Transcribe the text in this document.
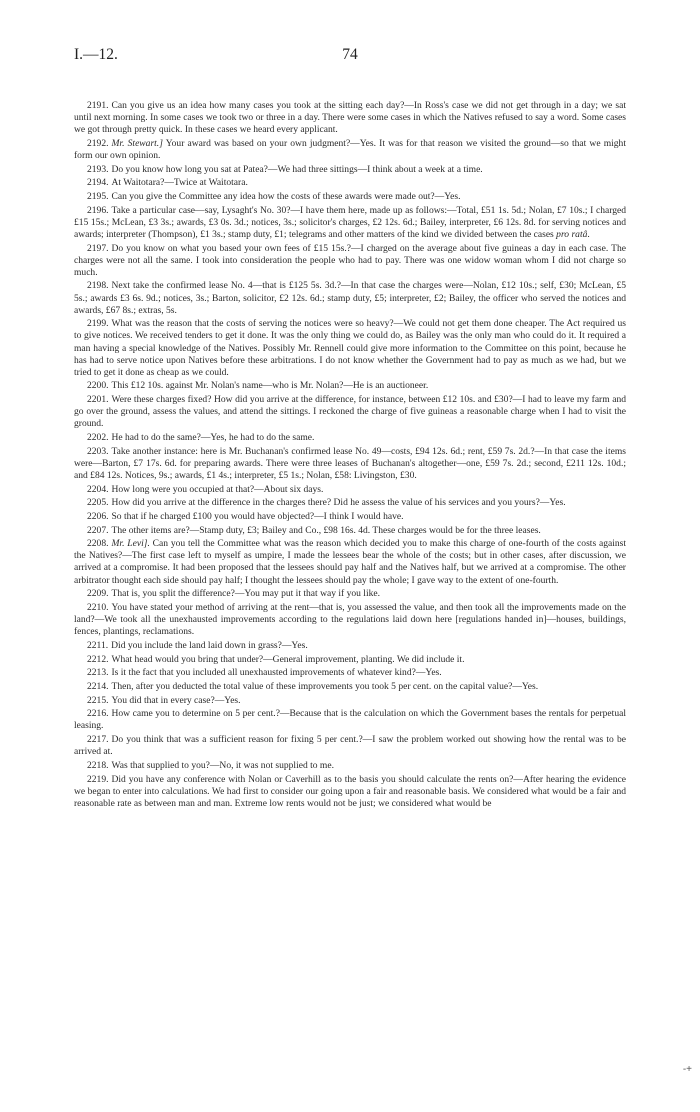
I.—12.	74

2191. Can you give us an idea how many cases you took at the sitting each day?—In Ross's case we did not get through in a day; we sat until next morning. In some cases we took two or three in a day. There were some cases in which the Natives refused to say a word. Some cases we got through pretty quick. In these cases we heard every applicant.

2192. Mr. Stewart.] Your award was based on your own judgment?—Yes. It was for that reason we visited the ground—so that we might form our own opinion.

2193. Do you know how long you sat at Patea?—We had three sittings—I think about a week at a time.

2194. At Waitotara?—Twice at Waitotara.

2195. Can you give the Committee any idea how the costs of these awards were made out?—Yes.

2196. Take a particular case—say, Lysaght's No. 30?—I have them here, made up as follows:—Total, £51 1s. 5d.; Nolan, £7 10s.; I charged £15 15s.; McLean, £3 3s.; awards, £3 0s. 3d.; notices, 3s.; solicitor's charges, £2 12s. 6d.; Bailey, interpreter, £6 12s. 8d. for serving notices and awards; interpreter (Thompson), £1 3s.; stamp duty, £1; telegrams and other matters of the kind we divided between the cases pro ratâ.

2197. Do you know on what you based your own fees of £15 15s.?—I charged on the average about five guineas a day in each case. The charges were not all the same. I took into consideration the people who had to pay. There was one widow woman whom I did not charge so much.

2198. Next take the confirmed lease No. 4—that is £125 5s. 3d.?—In that case the charges were—Nolan, £12 10s.; self, £30; McLean, £5 5s.; awards £3 6s. 9d.; notices, 3s.; Barton, solicitor, £2 12s. 6d.; stamp duty, £5; interpreter, £2; Bailey, the officer who served the notices and awards, £67 8s.; extras, 5s.

2199. What was the reason that the costs of serving the notices were so heavy?—We could not get them done cheaper. The Act required us to give notices. We received tenders to get it done. It was the only thing we could do, as Bailey was the only man who could do it. It required a man having a special knowledge of the Natives. Possibly Mr. Rennell could give more information to the Committee on this point, because he has had to serve notice upon Natives before these arbitrations. I do not know whether the Government had to pay as much as we had, but we tried to get it done as cheap as we could.

2200. This £12 10s. against Mr. Nolan's name—who is Mr. Nolan?—He is an auctioneer.

2201. Were these charges fixed? How did you arrive at the difference, for instance, between £12 10s. and £30?—I had to leave my farm and go over the ground, assess the values, and attend the sittings. I reckoned the charge of five guineas a reasonable charge when I had to visit the ground.

2202. He had to do the same?—Yes, he had to do the same.

2203. Take another instance: here is Mr. Buchanan's confirmed lease No. 49—costs, £94 12s. 6d.; rent, £59 7s. 2d.?—In that case the items were—Barton, £7 17s. 6d. for preparing awards. There were three leases of Buchanan's altogether—one, £59 7s. 2d.; second, £211 12s. 10d.; and £84 12s. Notices, 9s.; awards, £1 4s.; interpreter, £5 1s.; Nolan, £58: Livingston, £30.

2204. How long were you occupied at that?—About six days.

2205. How did you arrive at the difference in the charges there? Did he assess the value of his services and you yours?—Yes.

2206. So that if he charged £100 you would have objected?—I think I would have.

2207. The other items are?—Stamp duty, £3; Bailey and Co., £98 16s. 4d. These charges would be for the three leases.

2208. Mr. Levi]. Can you tell the Committee what was the reason which decided you to make this charge of one-fourth of the costs against the Natives?—The first case left to myself as umpire, I made the lessees bear the whole of the costs; but in other cases, after discussion, we arrived at a compromise. It had been proposed that the lessees should pay half and the Natives half, but we arrived at a compromise. The other arbitrator thought each side should pay half; I thought the lessees should pay the whole; I gave way to the extent of one-fourth.

2209. That is, you split the difference?—You may put it that way if you like.

2210. You have stated your method of arriving at the rent—that is, you assessed the value, and then took all the improvements made on the land?—We took all the unexhausted improvements according to the regulations laid down here [regulations handed in]—houses, buildings, fences, plantings, reclamations.

2211. Did you include the land laid down in grass?—Yes.

2212. What head would you bring that under?—General improvement, planting. We did include it.

2213. Is it the fact that you included all unexhausted improvements of whatever kind?—Yes.

2214. Then, after you deducted the total value of these improvements you took 5 per cent. on the capital value?—Yes.

2215. You did that in every case?—Yes.

2216. How came you to determine on 5 per cent.?—Because that is the calculation on which the Government bases the rentals for perpetual leasing.

2217. Do you think that was a sufficient reason for fixing 5 per cent.?—I saw the problem worked out showing how the rental was to be arrived at.

2218. Was that supplied to you?—No, it was not supplied to me.

2219. Did you have any conference with Nolan or Caverhill as to the basis you should calculate the rents on?—After hearing the evidence we began to enter into calculations. We had first to consider our going upon a fair and reasonable basis. We considered what would be a fair and reasonable rate as between man and man. Extreme low rents would not be just; we considered what would be

-+
